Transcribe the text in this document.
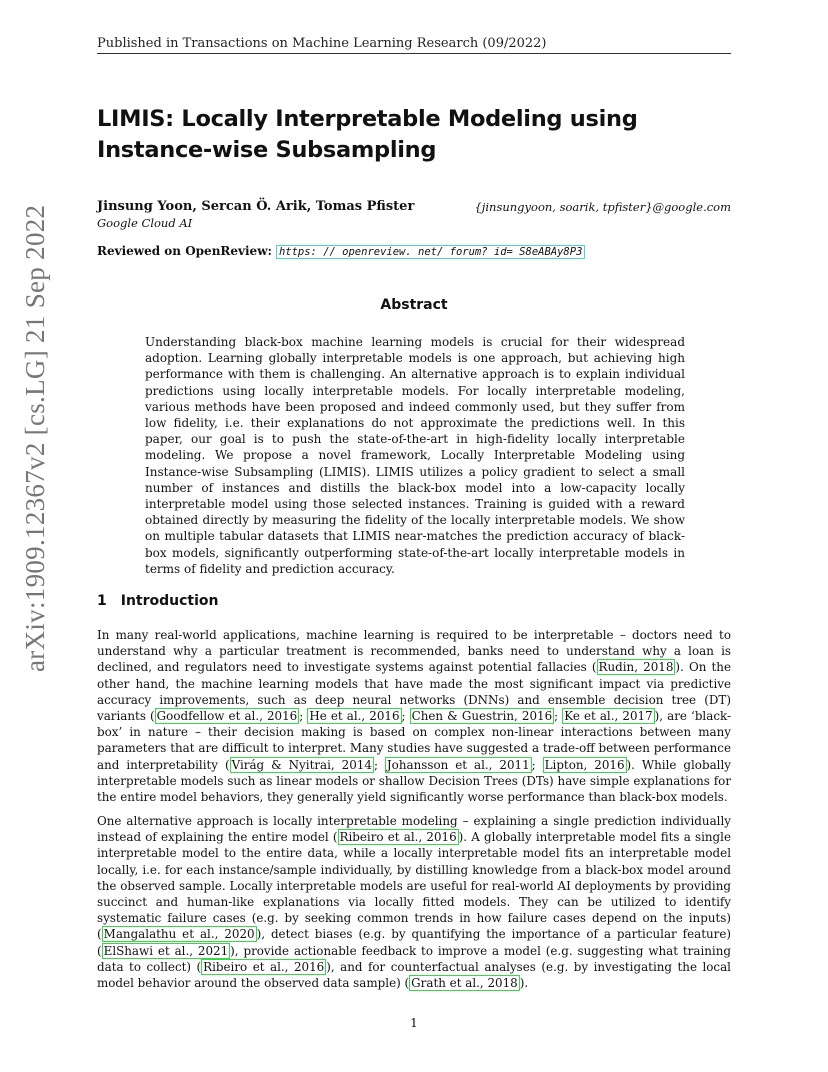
Published in Transactions on Machine Learning Research (09/2022)
LIMIS: Locally Interpretable Modeling using Instance-wise Subsampling
Jinsung Yoon, Sercan Ö. Arik, Tomas Pfister	{jinsungyoon, soarik, tpfister}@google.com
Google Cloud AI
Reviewed on OpenReview: https: // openreview. net/ forum? id= S8eABAy8P3
arXiv:1909.12367v2 [cs.LG] 21 Sep 2022	Abstract

Understanding black-box machine learning models is crucial for their widespread adoption. Learning globally interpretable models is one approach, but achieving high performance with them is challenging. An alternative approach is to explain individual predictions using locally interpretable models. For locally interpretable modeling, various methods have been proposed and indeed commonly used, but they suffer from low fidelity, i.e. their explanations do not approximate the predictions well. In this paper, our goal is to push the state-of-the-art in high-fidelity locally interpretable modeling. We propose a novel framework, Locally Interpretable Modeling using Instance-wise Subsampling (LIMIS). LIMIS utilizes a policy gradient to select a small number of instances and distills the black-box model into a low-capacity locally interpretable model using those selected instances. Training is guided with a reward obtained directly by measuring the fidelity of the locally interpretable models. We show on multiple tabular datasets that LIMIS near-matches the prediction accuracy of black-box models, significantly outperforming state-of-the-art locally interpretable models in terms of fidelity and prediction accuracy.

1 Introduction

In many real-world applications, machine learning is required to be interpretable – doctors need to understand why a particular treatment is recommended, banks need to understand why a loan is declined, and regulators need to investigate systems against potential fallacies ( Rudin, 2018 ). On the other hand, the machine learning models that have made the most significant impact via predictive accuracy improvements, such as deep neural networks (DNNs) and ensemble decision tree (DT) variants ( Goodfellow et al., 2016 ; He et al., 2016 ; Chen & Guestrin, 2016 ; Ke et al., 2017 ), are ‘black-box’ in nature – their decision making is based on complex non-linear interactions between many parameters that are difficult to interpret. Many studies have suggested a trade-off between performance and interpretability ( Virág & Nyitrai, 2014 ; Johansson et al., 2011 ; Lipton, 2016 ). While globally interpretable models such as linear models or shallow Decision Trees (DTs) have simple explanations for the entire model behaviors, they generally yield significantly worse performance than black-box models.

One alternative approach is locally interpretable modeling – explaining a single prediction individually instead of explaining the entire model ( Ribeiro et al., 2016 ). A globally interpretable model fits a single interpretable model to the entire data, while a locally interpretable model fits an interpretable model locally, i.e. for each instance/sample individually, by distilling knowledge from a black-box model around the observed sample. Locally interpretable models are useful for real-world AI deployments by providing succinct and human-like explanations via locally fitted models. They can be utilized to identify systematic failure cases (e.g. by seeking common trends in how failure cases depend on the inputs) ( Mangalathu et al., 2020 ), detect biases (e.g. by quantifying the importance of a particular feature) ( ElShawi et al., 2021 ), provide actionable feedback to improve a model (e.g. suggesting what training data to collect) ( Ribeiro et al., 2016 ), and for counterfactual analyses (e.g. by investigating the local model behavior around the observed data sample) ( Grath et al., 2018 ).

1
